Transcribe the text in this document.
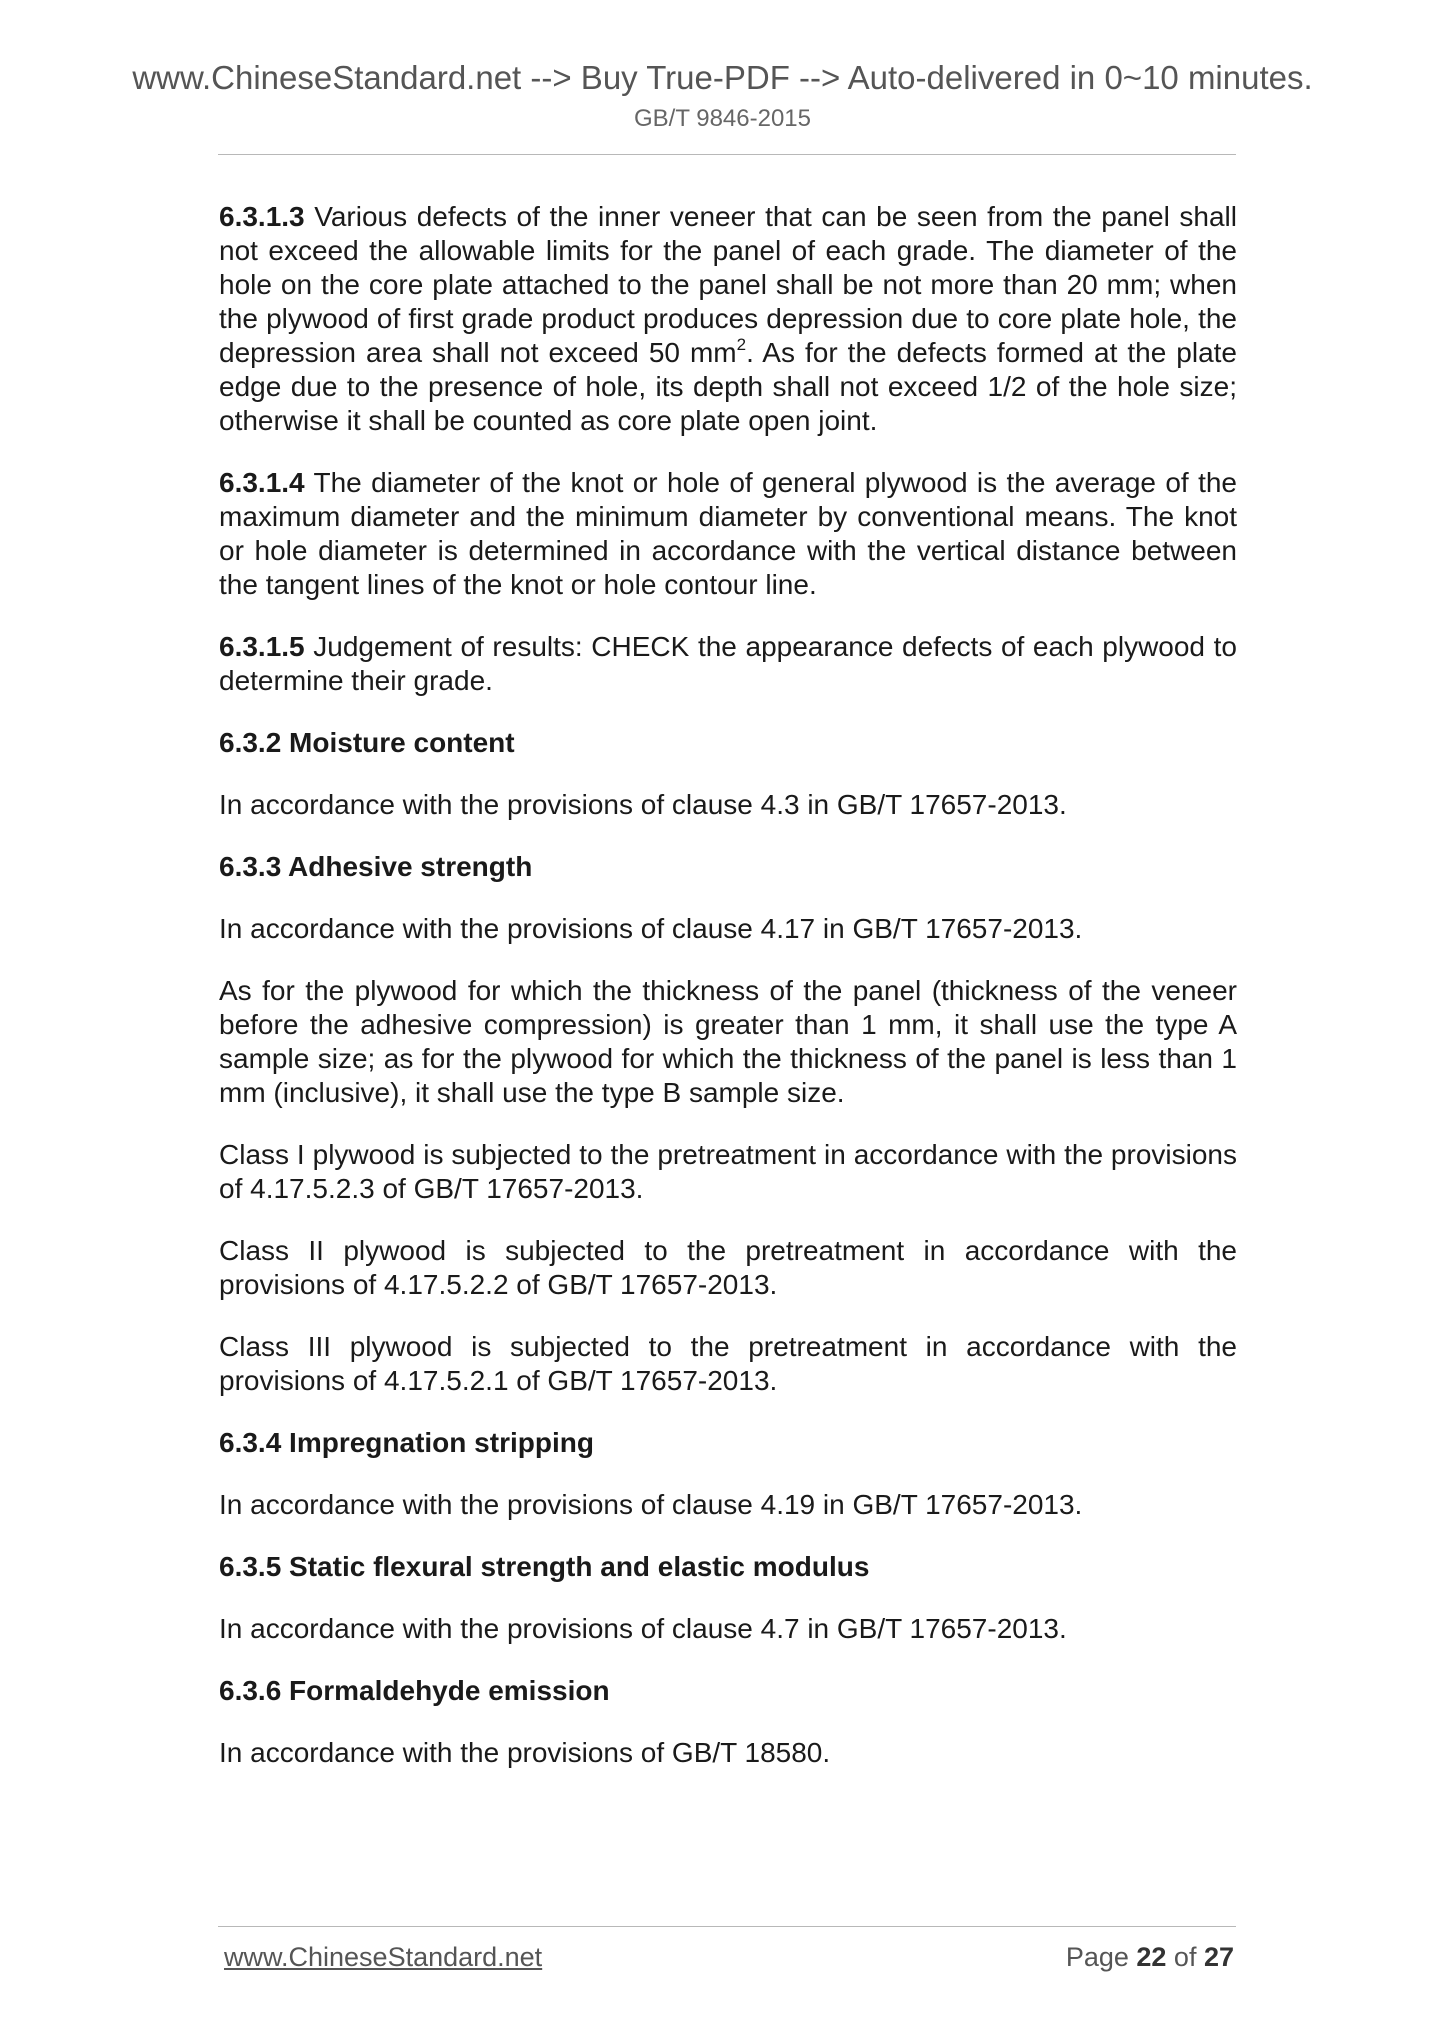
www.ChineseStandard.net --> Buy True-PDF --> Auto-delivered in 0~10 minutes.
GB/T 9846-2015

6.3.1.3 Various defects of the inner veneer that can be seen from the panel shall not exceed the allowable limits for the panel of each grade. The diameter of the hole on the core plate attached to the panel shall be not more than 20 mm; when the plywood of first grade product produces depression due to core plate hole, the depression area shall not exceed 50 $mm^2$. As for the defects formed at the plate edge due to the presence of hole, its depth shall not exceed 1/2 of the hole size; otherwise it shall be counted as core plate open joint.

6.3.1.4 The diameter of the knot or hole of general plywood is the average of the maximum diameter and the minimum diameter by conventional means. The knot or hole diameter is determined in accordance with the vertical distance between the tangent lines of the knot or hole contour line.

6.3.1.5 Judgement of results: CHECK the appearance defects of each plywood to determine their grade.

6.3.2 Moisture content

In accordance with the provisions of clause 4.3 in GB/T 17657-2013.

6.3.3 Adhesive strength

In accordance with the provisions of clause 4.17 in GB/T 17657-2013.

As for the plywood for which the thickness of the panel (thickness of the veneer before the adhesive compression) is greater than 1 mm, it shall use the type A sample size; as for the plywood for which the thickness of the panel is less than 1 mm (inclusive), it shall use the type B sample size.

Class I plywood is subjected to the pretreatment in accordance with the provisions of 4.17.5.2.3 of GB/T 17657-2013.

Class II plywood is subjected to the pretreatment in accordance with the provisions of 4.17.5.2.2 of GB/T 17657-2013.

Class III plywood is subjected to the pretreatment in accordance with the provisions of 4.17.5.2.1 of GB/T 17657-2013.

6.3.4 Impregnation stripping

In accordance with the provisions of clause 4.19 in GB/T 17657-2013.

6.3.5 Static flexural strength and elastic modulus

In accordance with the provisions of clause 4.7 in GB/T 17657-2013.

6.3.6 Formaldehyde emission

In accordance with the provisions of GB/T 18580.

www.ChineseStandard.net	Page 22 of 27
